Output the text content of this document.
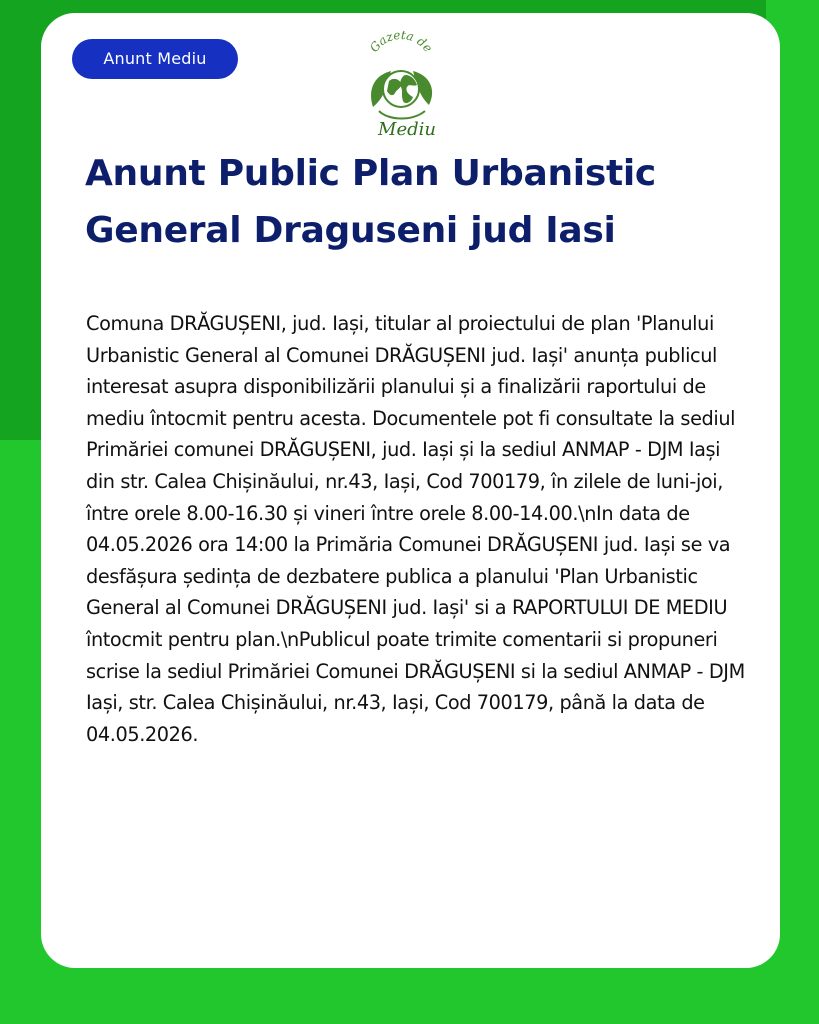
Anunt Mediu
Gazeta de
Mediu
Anunt Public Plan Urbanistic General Draguseni jud Iasi

Comuna DRĂGUȘENI, jud. Iași, titular al proiectului de plan 'Planului Urbanistic General al Comunei DRĂGUȘENI jud. Iași' anunța publicul interesat asupra disponibilizării planului și a finalizării raportului de mediu întocmit pentru acesta. Documentele pot fi consultate la sediul Primăriei comunei DRĂGUȘENI, jud. Iași și la sediul ANMAP - DJM Iași din str. Calea Chișinăului, nr.43, Iași, Cod 700179, în zilele de luni-joi, între orele 8.00-16.30 și vineri între orele 8.00-14.00.\nIn data de 04.05.2026 ora 14:00 la Primăria Comunei DRĂGUȘENI jud. Iași se va desfășura ședința de dezbatere publica a planului 'Plan Urbanistic General al Comunei DRĂGUȘENI jud. Iași' si a RAPORTULUI DE MEDIU întocmit pentru plan.\nPublicul poate trimite comentarii si propuneri scrise la sediul Primăriei Comunei DRĂGUȘENI si la sediul ANMAP - DJM Iași, str. Calea Chișinăului, nr.43, Iași, Cod 700179, până la data de 04.05.2026.
